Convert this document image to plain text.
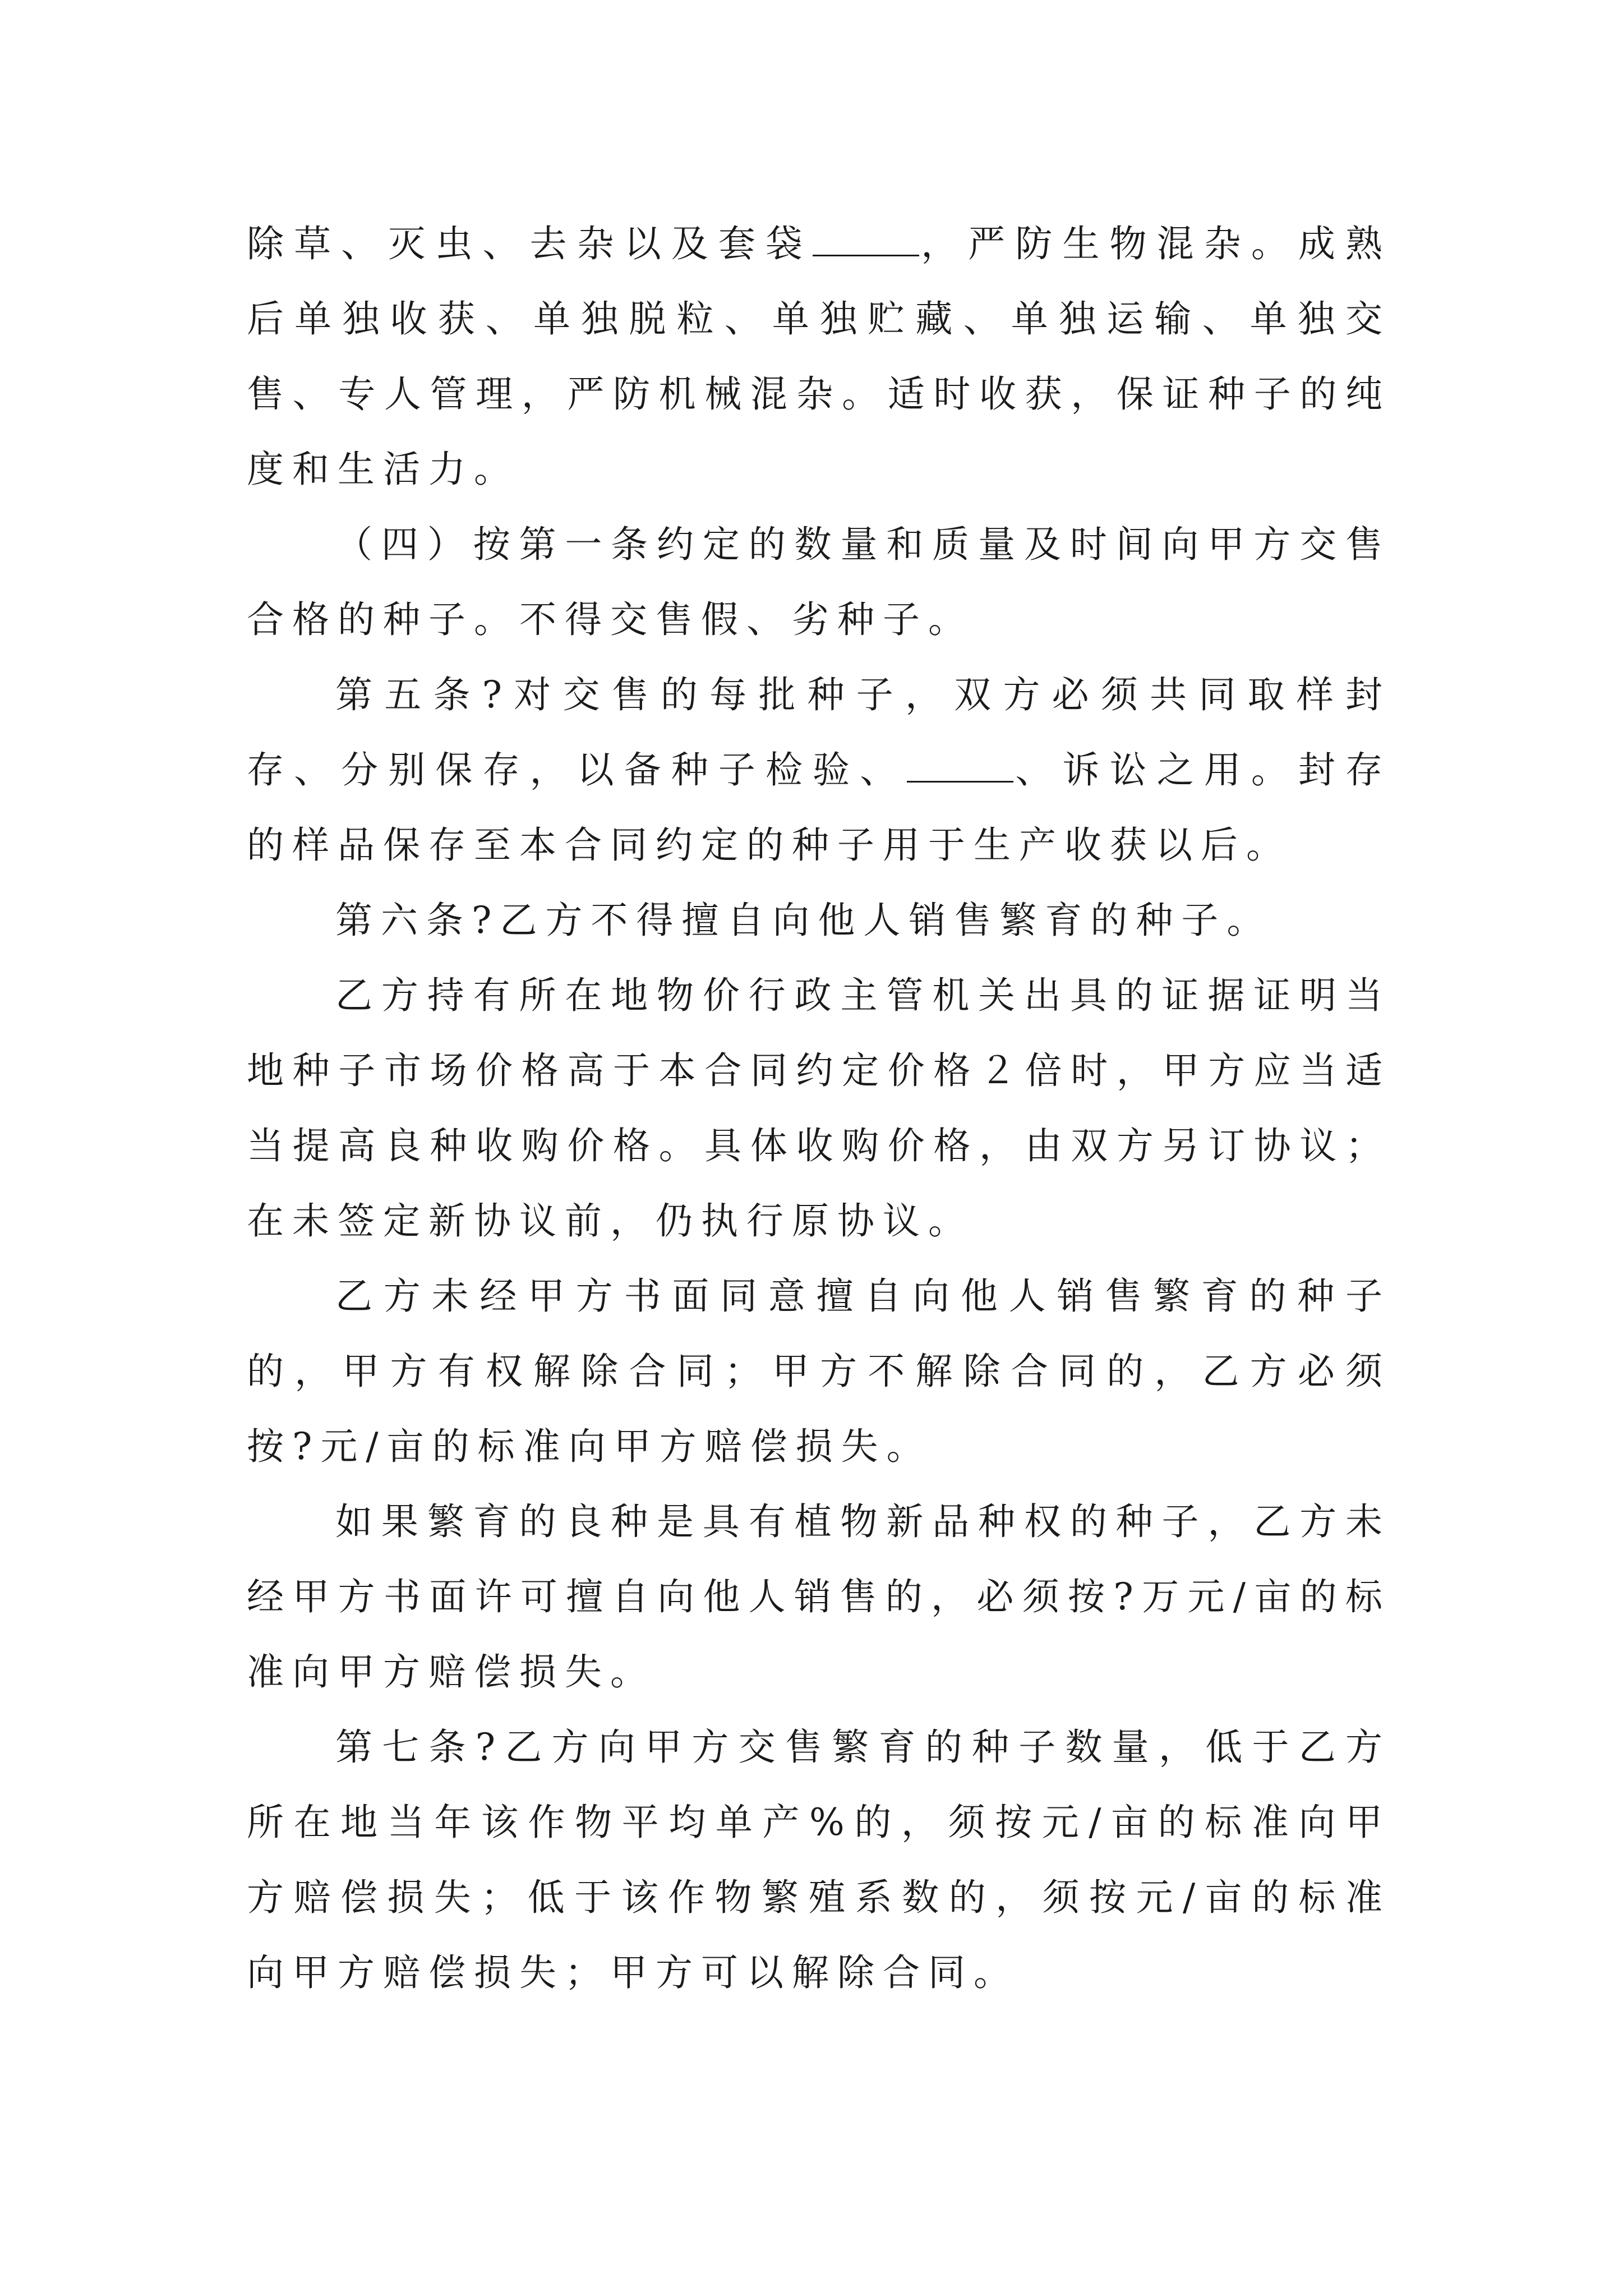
除草、灭虫、去杂以及套袋	，严防生物混杂。成熟后单独收获、单独脱粒、单独贮藏、单独运输、单独交售、专人管理，严防机械混杂。适时收获，保证种子的纯度和生活力。

（四）按第一条约定的数量和质量及时间向甲方交售合格的种子。不得交售假、劣种子。

第五条?对交售的每批种子，双方必须共同取样封存、分别保存，以备种子检验、	、诉讼之用。封存的样品保存至本合同约定的种子用于生产收获以后。

第六条?乙方不得擅自向他人销售繁育的种子。

乙方持有所在地物价行政主管机关出具的证据证明当地种子市场价格高于本合同约定价格２倍时，甲方应当适当提高良种收购价格。具体收购价格，由双方另订协议；在未签定新协议前，仍执行原协议。

乙方未经甲方书面同意擅自向他人销售繁育的种子的，甲方有权解除合同；甲方不解除合同的，乙方必须按?元/亩的标准向甲方赔偿损失。

如果繁育的良种是具有植物新品种权的种子，乙方未经甲方书面许可擅自向他人销售的，必须按?万元/亩的标准向甲方赔偿损失。

第七条?乙方向甲方交售繁育的种子数量，低于乙方所在地当年该作物平均单产%的，须按元/亩的标准向甲方赔偿损失；低于该作物繁殖系数的，须按元/亩的标准向甲方赔偿损失；甲方可以解除合同。
